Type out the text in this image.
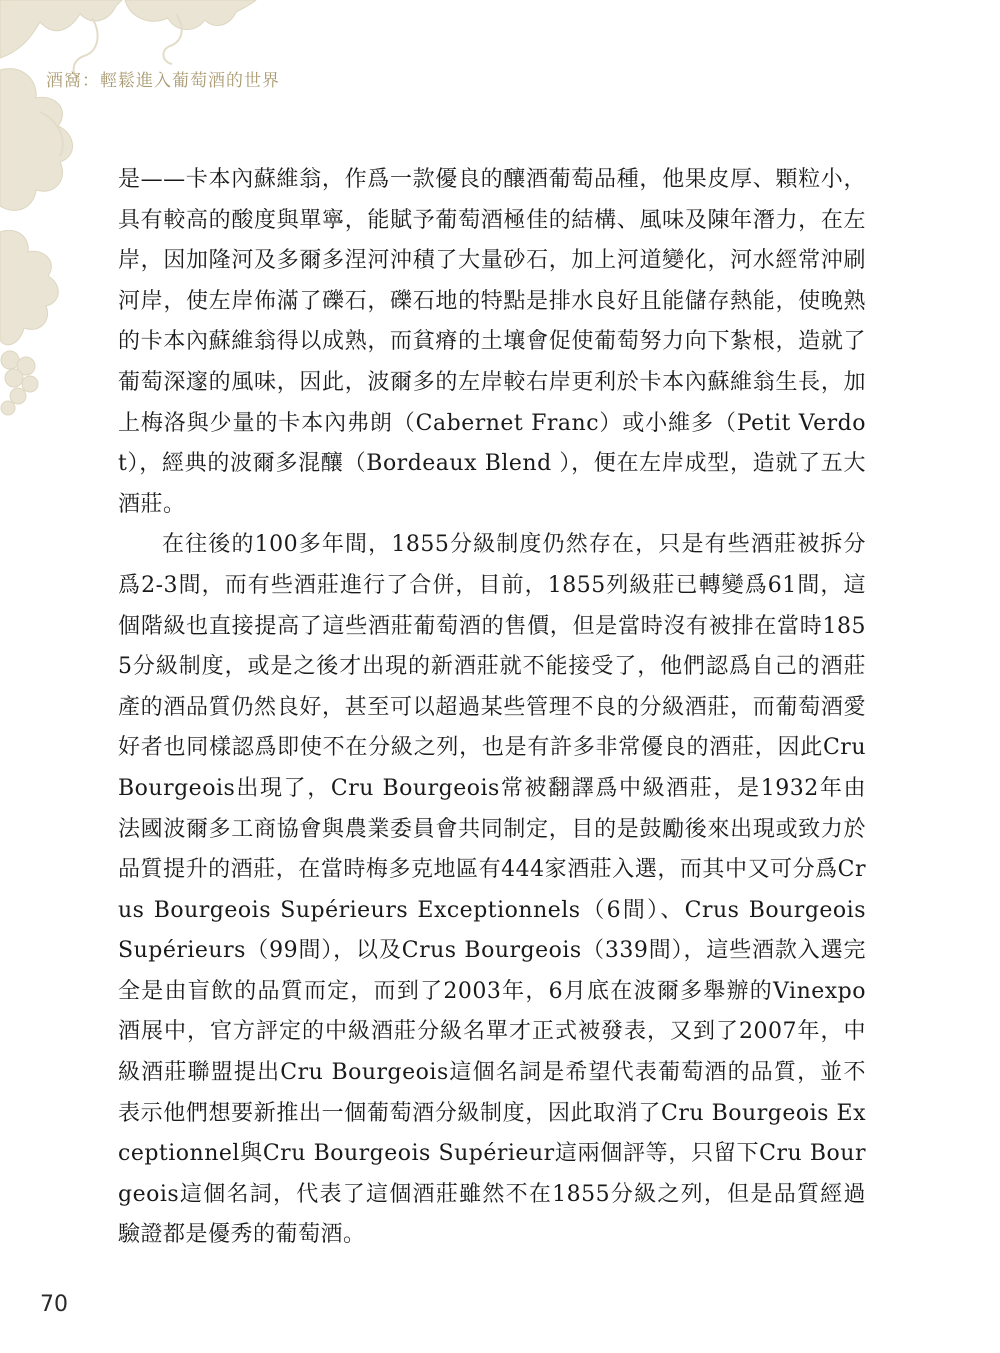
酒窩：輕鬆進入葡萄酒的世界

是——卡本內蘇維翁，作爲一款優良的釀酒葡萄品種，他果皮厚、顆粒小，具有較高的酸度與單寧，能賦予葡萄酒極佳的結構、風味及陳年潛力，在左岸，因加隆河及多爾多涅河沖積了大量砂石，加上河道變化，河水經常沖刷河岸，使左岸佈滿了礫石，礫石地的特點是排水良好且能儲存熱能，使晚熟的卡本內蘇維翁得以成熟，而貧瘠的土壤會促使葡萄努力向下紮根，造就了葡萄深邃的風味，因此，波爾多的左岸較右岸更利於卡本內蘇維翁生長，加上梅洛與少量的卡本內弗朗（Cabernet Franc）或小維多（Petit Verdot），經典的波爾多混釀（Bordeaux Blend ），便在左岸成型，造就了五大酒莊。

在往後的100多年間，1855分級制度仍然存在，只是有些酒莊被拆分爲2-3間，而有些酒莊進行了合併，目前，1855列級莊已轉變爲61間，這個階級也直接提高了這些酒莊葡萄酒的售價，但是當時沒有被排在當時1855分級制度，或是之後才出現的新酒莊就不能接受了，他們認爲自己的酒莊產的酒品質仍然良好，甚至可以超過某些管理不良的分級酒莊，而葡萄酒愛好者也同樣認爲即使不在分級之列，也是有許多非常優良的酒莊，因此Cru Bourgeois出現了，Cru Bourgeois常被翻譯爲中級酒莊，是1932年由法國波爾多工商協會與農業委員會共同制定，目的是鼓勵後來出現或致力於品質提升的酒莊，在當時梅多克地區有444家酒莊入選，而其中又可分爲Crus Bourgeois Supérieurs Exceptionnels（6間）、Crus Bourgeois Supérieurs（99間），以及Crus Bourgeois（339間），這些酒款入選完全是由盲飲的品質而定，而到了2003年，6月底在波爾多舉辦的Vinexpo酒展中，官方評定的中級酒莊分級名單才正式被發表，又到了2007年，中級酒莊聯盟提出Cru Bourgeois這個名詞是希望代表葡萄酒的品質，並不表示他們想要新推出一個葡萄酒分級制度，因此取消了Cru Bourgeois Exceptionnel與Cru Bourgeois Supérieur這兩個評等，只留下Cru Bourgeois這個名詞，代表了這個酒莊雖然不在1855分級之列，但是品質經過驗證都是優秀的葡萄酒。

70
